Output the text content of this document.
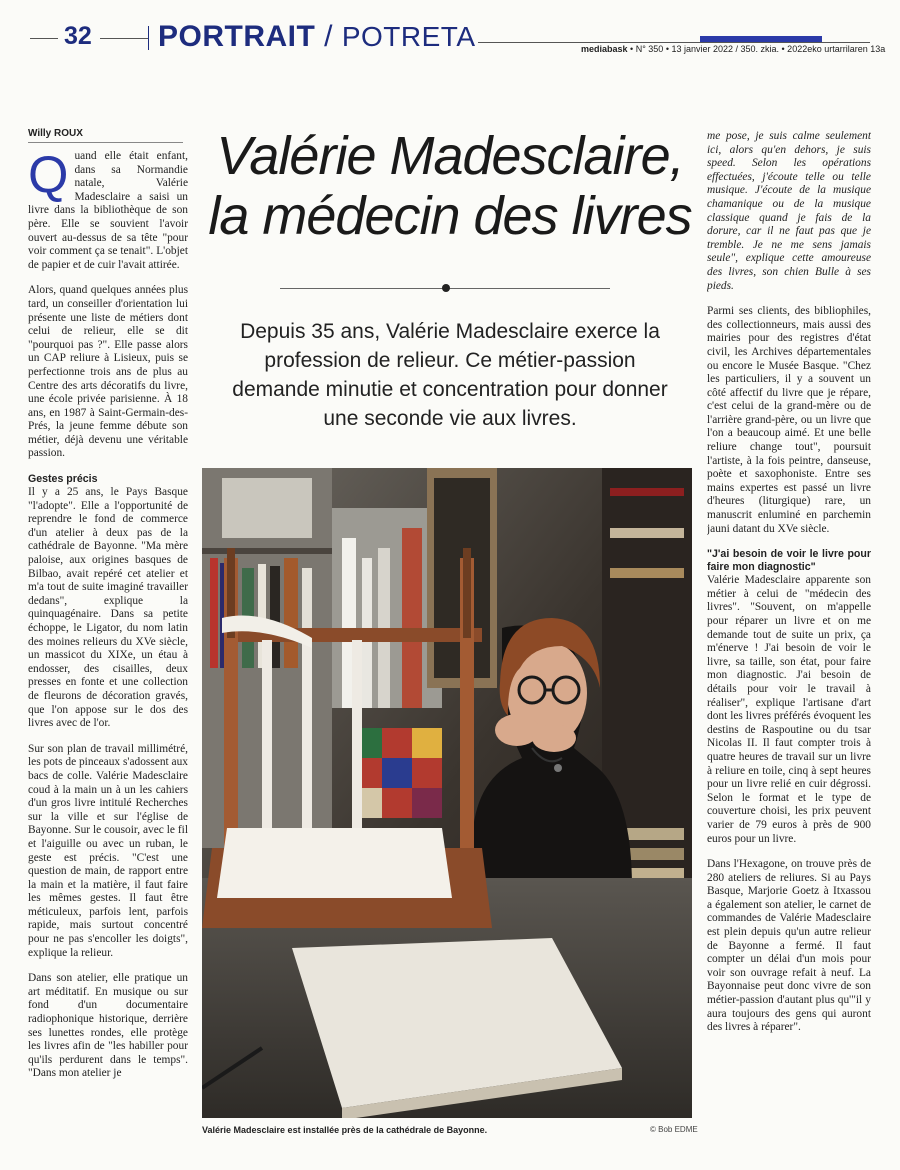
32 PORTRAIT / POTRETA	mediabask • N° 350 • 13 janvier 2022 / 350. zkia. • 2022eko urtarrilaren 13a
Willy ROUX Valérie Madesclaire,
la médecin des livres
Depuis 35 ans, Valérie Madesclaire exerce la profession de relieur. Ce métier-passion demande minutie et concentration pour donner une seconde vie aux livres.

Quand elle était enfant, dans sa Normandie natale, Valérie Madesclaire a saisi un livre dans la bibliothèque de son père. Elle se souvient l'avoir ouvert au-dessus de sa tête "pour voir comment ça se tenait". L'objet de papier et de cuir l'avait attirée.

Alors, quand quelques années plus tard, un conseiller d'orientation lui présente une liste de métiers dont celui de relieur, elle se dit "pourquoi pas ?". Elle passe alors un CAP reliure à Lisieux, puis se perfectionne trois ans de plus au Centre des arts décoratifs du livre, une école privée parisienne. À 18 ans, en 1987 à Saint-Germain-des-Prés, la jeune femme débute son métier, déjà devenu une véritable passion.

Gestes précis

Il y a 25 ans, le Pays Basque "l'adopte". Elle a l'opportunité de reprendre le fond de commerce d'un atelier à deux pas de la cathédrale de Bayonne. "Ma mère paloise, aux origines basques de Bilbao, avait repéré cet atelier et m'a tout de suite imaginé travailler dedans", explique la quinquagénaire. Dans sa petite échoppe, le Ligator, du nom latin des moines relieurs du XVe siècle, un massicot du XIXe, un étau à endosser, des cisailles, deux presses en fonte et une collection de fleurons de décoration gravés, que l'on appose sur le dos des livres avec de l'or.

Sur son plan de travail millimétré, les pots de pinceaux s'adossent aux bacs de colle. Valérie Madesclaire coud à la main un à un les cahiers d'un gros livre intitulé Recherches sur la ville et sur l'église de Bayonne. Sur le cousoir, avec le fil et l'aiguille ou avec un ruban, le geste est précis. "C'est une question de main, de rapport entre la main et la matière, il faut faire les mêmes gestes. Il faut être méticuleux, parfois lent, parfois rapide, mais surtout concentré pour ne pas s'encoller les doigts", explique la relieur.

Dans son atelier, elle pratique un art méditatif. En musique ou sur fond d'un documentaire radiophonique historique, derrière ses lunettes rondes, elle protège les livres afin de "les habiller pour qu'ils perdurent dans le temps". "Dans mon atelier je

me pose, je suis calme seulement ici, alors qu'en dehors, je suis speed. Selon les opérations effectuées, j'écoute telle ou telle musique. J'écoute de la musique chamanique ou de la musique classique quand je fais de la dorure, car il ne faut pas que je tremble. Je ne me sens jamais seule", explique cette amoureuse des livres, son chien Bulle à ses pieds.

Parmi ses clients, des bibliophiles, des collectionneurs, mais aussi des mairies pour des registres d'état civil, les Archives départementales ou encore le Musée Basque. "Chez les particuliers, il y a souvent un côté affectif du livre que je répare, c'est celui de la grand-mère ou de l'arrière grand-père, ou un livre que l'on a beaucoup aimé. Et une belle reliure change tout", poursuit l'artiste, à la fois peintre, danseuse, poète et saxophoniste. Entre ses mains expertes est passé un livre d'heures (liturgique) rare, un manuscrit enluminé en parchemin jauni datant du XVe siècle.

"J'ai besoin de voir le livre pour faire mon diagnostic"

Valérie Madesclaire apparente son métier à celui de "médecin des livres". "Souvent, on m'appelle pour réparer un livre et on me demande tout de suite un prix, ça m'énerve ! J'ai besoin de voir le livre, sa taille, son état, pour faire mon diagnostic. J'ai besoin de détails pour voir le travail à réaliser", explique l'artisane d'art dont les livres préférés évoquent les destins de Raspoutine ou du tsar Nicolas II. Il faut compter trois à quatre heures de travail sur un livre à reliure en toile, cinq à sept heures pour un livre relié en cuir dégrossi. Selon le format et le type de couverture choisi, les prix peuvent varier de 79 euros à près de 900 euros pour un livre.

Dans l'Hexagone, on trouve près de 280 ateliers de reliures. Si au Pays Basque, Marjorie Goetz à Itxassou a également son atelier, le carnet de commandes de Valérie Madesclaire est plein depuis qu'un autre relieur de Bayonne a fermé. Il faut compter un délai d'un mois pour voir son ouvrage refait à neuf. La Bayonnaise peut donc vivre de son métier-passion d'autant plus qu'"il y aura toujours des gens qui auront des livres à réparer".

Valérie Madesclaire est installée près de la cathédrale de Bayonne.	© Bob EDME
